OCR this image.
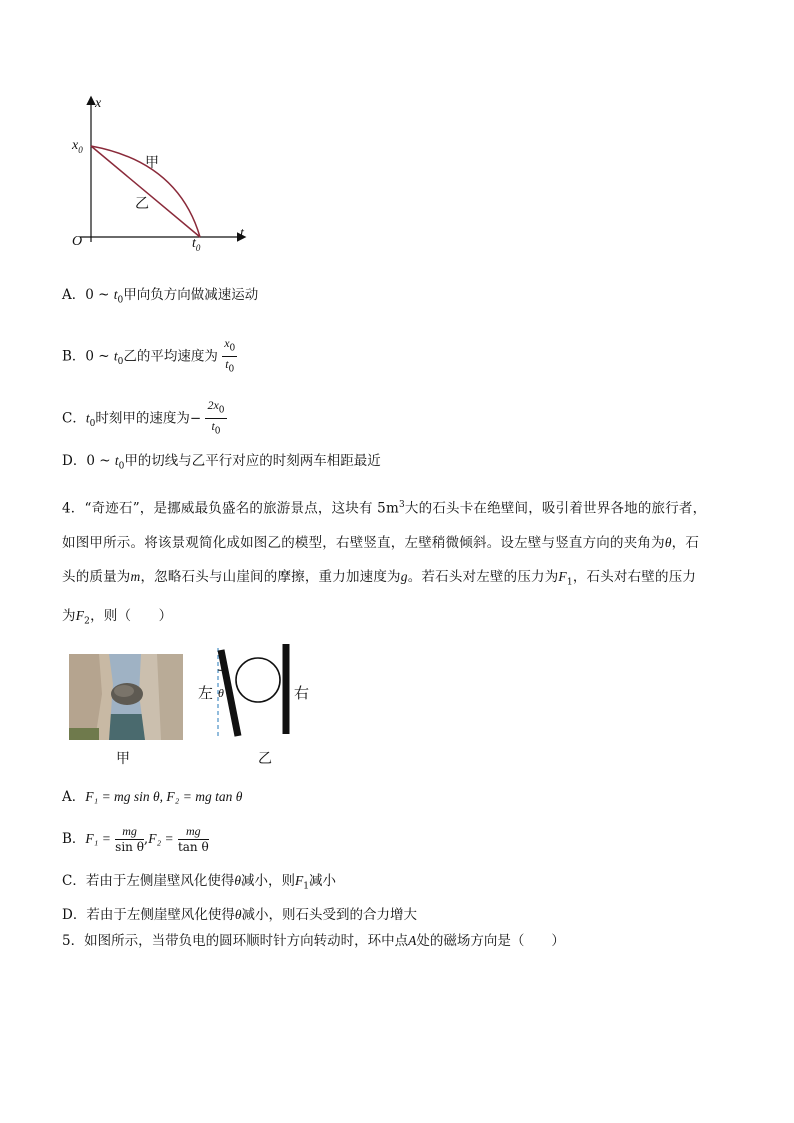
x
t
O
$x_0$
$t_0$
甲
乙
A．0 ~ $t_0$甲向负方向做减速运动
B．0 ~ $t_0$乙的平均速度为 $\frac{x_0}{t_0}$
C．$t_0$时刻甲的速度为− $\frac{2x_0}{t_0}$
D．0 ~ $t_0$甲的切线与乙平行对应的时刻两车相距最近
4．“奇迹石”，是挪威最负盛名的旅游景点，这块有 $5m^3$大的石头卡在绝壁间，吸引着世界各地的旅行者，
如图甲所示。将该景观简化成如图乙的模型，右壁竖直，左壁稍微倾斜。设左壁与竖直方向的夹角为θ，石
头的质量为m，忽略石头与山崖间的摩擦，重力加速度为g。若石头对左壁的压力为$F_1$，石头对右壁的压力
为$F_2$，则（　　）
甲
左 θ	右
乙
A．F₁ = mg sin θ, F₂ = mg tan θ
B．$F_1 = \frac{mg}{\text{sin θ}} ,F_2 = \frac{mg}{\text{tan θ}}$
C．若由于左侧崖壁风化使得θ减小，则$F_1$减小
D．若由于左侧崖壁风化使得θ减小，则石头受到的合力增大
5．如图所示，当带负电的圆环顺时针方向转动时，环中点A处的磁场方向是（　　）
